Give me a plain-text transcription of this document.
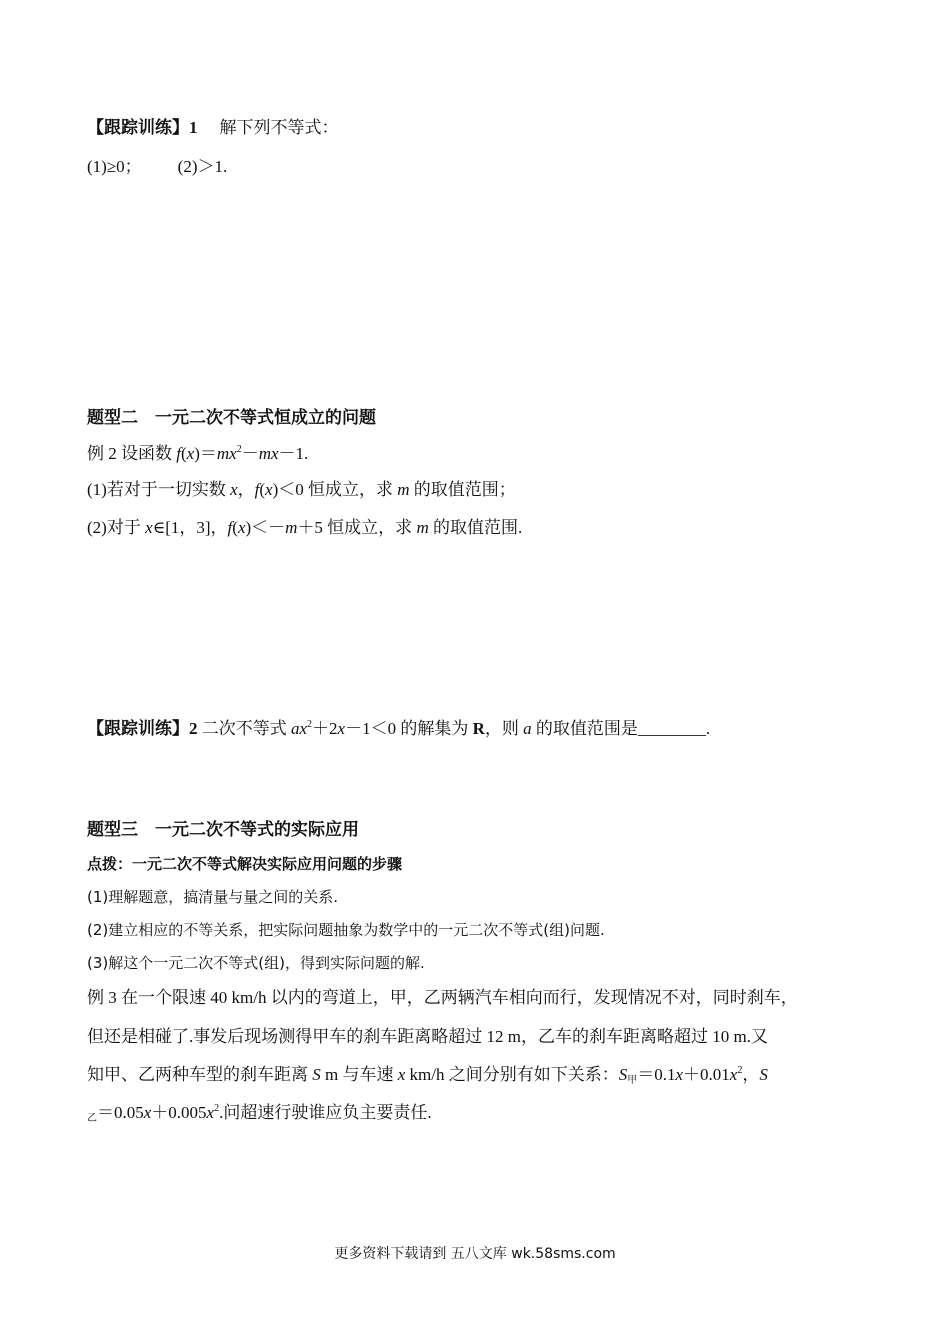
【跟踪训练】1 解下列不等式：
(1)≥0； (2)＞1.
题型二　一元二次不等式恒成立的问题
例 2 设函数 $f(x)=mx^2-mx-1$.
(1)若对于一切实数 x，f(x)＜0 恒成立，求 m 的取值范围；
(2)对于 x∈[1，3]，f(x)＜－m＋5 恒成立，求 m 的取值范围.
【跟踪训练】2 二次不等式 $ax^2+2x-1<0$ 的解集为 R，则 a 的取值范围是________.
题型三　一元二次不等式的实际应用
点拨：一元二次不等式解决实际应用问题的步骤
(1)理解题意，搞清量与量之间的关系.
(2)建立相应的不等关系，把实际问题抽象为数学中的一元二次不等式(组)问题.
(3)解这个一元二次不等式(组)，得到实际问题的解.
例 3 在一个限速 40 km/h 以内的弯道上，甲，乙两辆汽车相向而行，发现情况不对，同时刹车，
但还是相碰了.事发后现场测得甲车的刹车距离略超过 12 m，乙车的刹车距离略超过 10 m.又
知甲、乙两种车型的刹车距离 S m 与车速 x km/h 之间分别有如下关系：$S_甲=0.1x+0.01x^2$，S
$_乙=0.05x+0.005x^2$.问超速行驶谁应负主要责任.
更多资料下载请到 五八文库 wk.58sms.com
